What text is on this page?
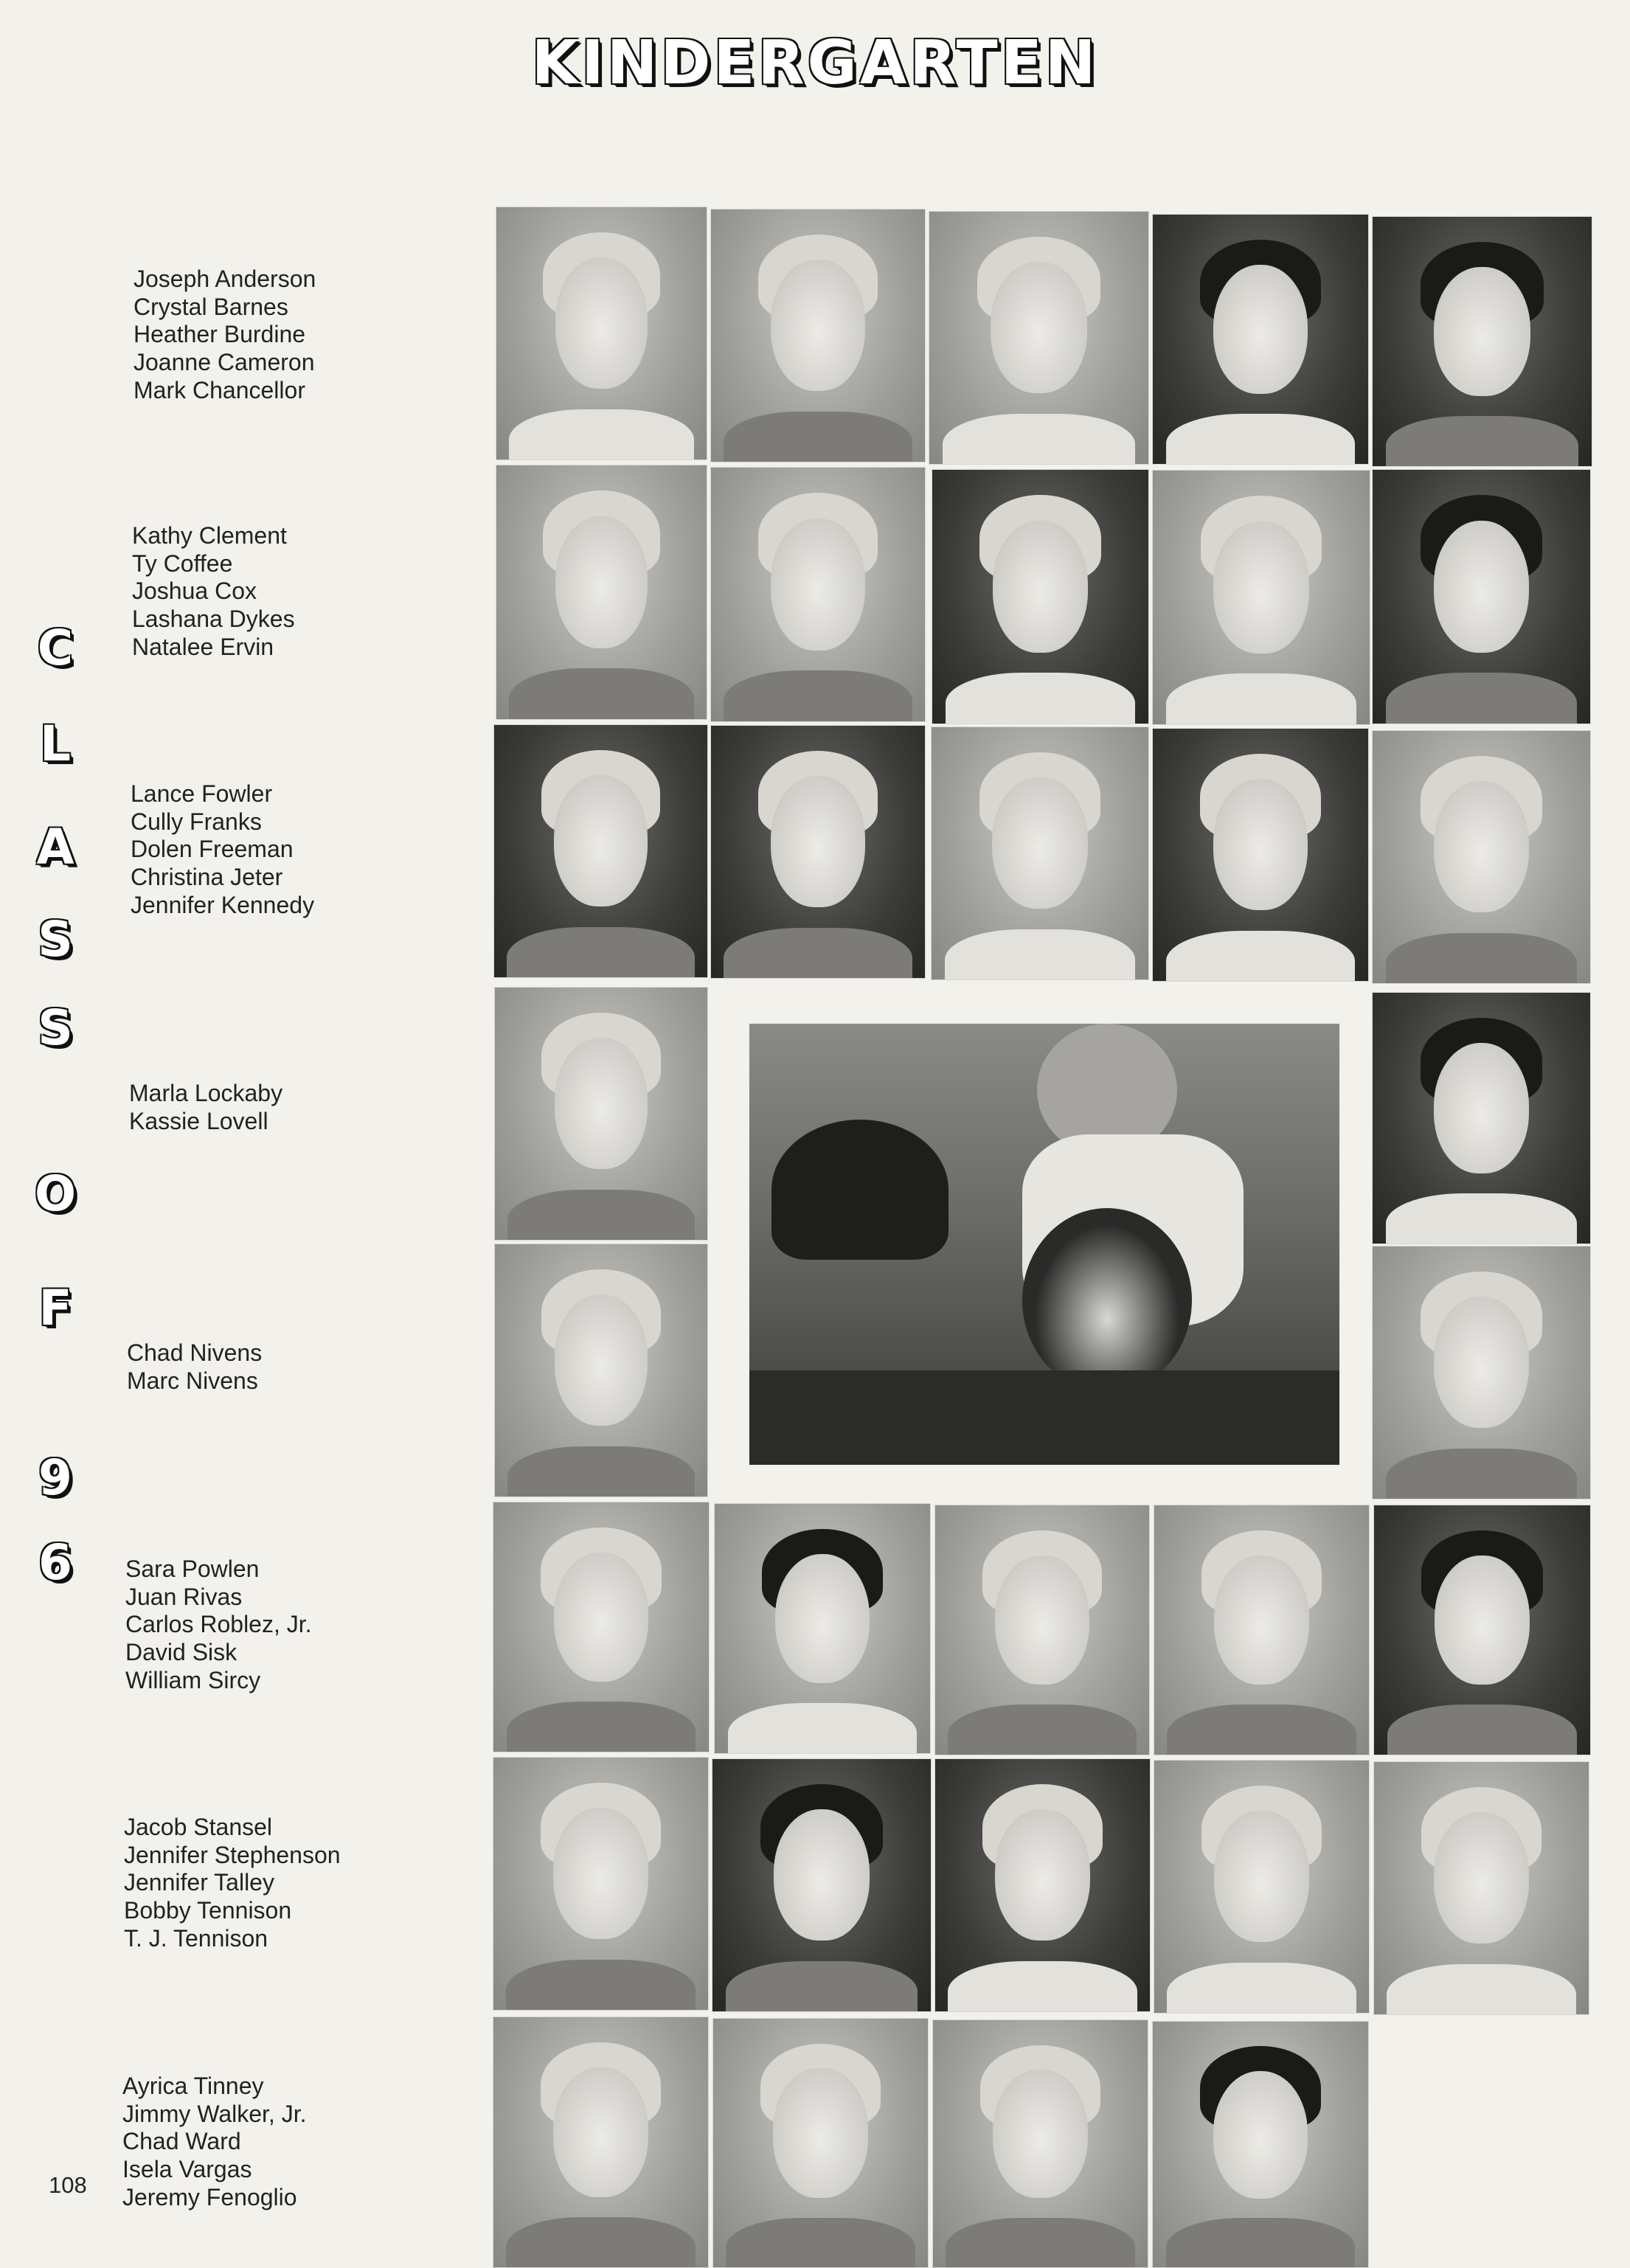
KINDERGARTEN
C
L
A
S
S
O
F
9
6
Joseph Anderson
Crystal Barnes
Heather Burdine
Joanne Cameron
Mark Chancellor
Kathy Clement
Ty Coffee
Joshua Cox
Lashana Dykes
Natalee Ervin
Lance Fowler
Cully Franks
Dolen Freeman
Christina Jeter
Jennifer Kennedy
Marla Lockaby
Kassie Lovell
Chad Nivens
Marc Nivens
Sara Powlen
Juan Rivas
Carlos Roblez, Jr.
David Sisk
William Sircy
Jacob Stansel
Jennifer Stephenson
Jennifer Talley
Bobby Tennison
T. J. Tennison
Ayrica Tinney
Jimmy Walker, Jr.
Chad Ward
Isela Vargas
Jeremy Fenoglio
108
